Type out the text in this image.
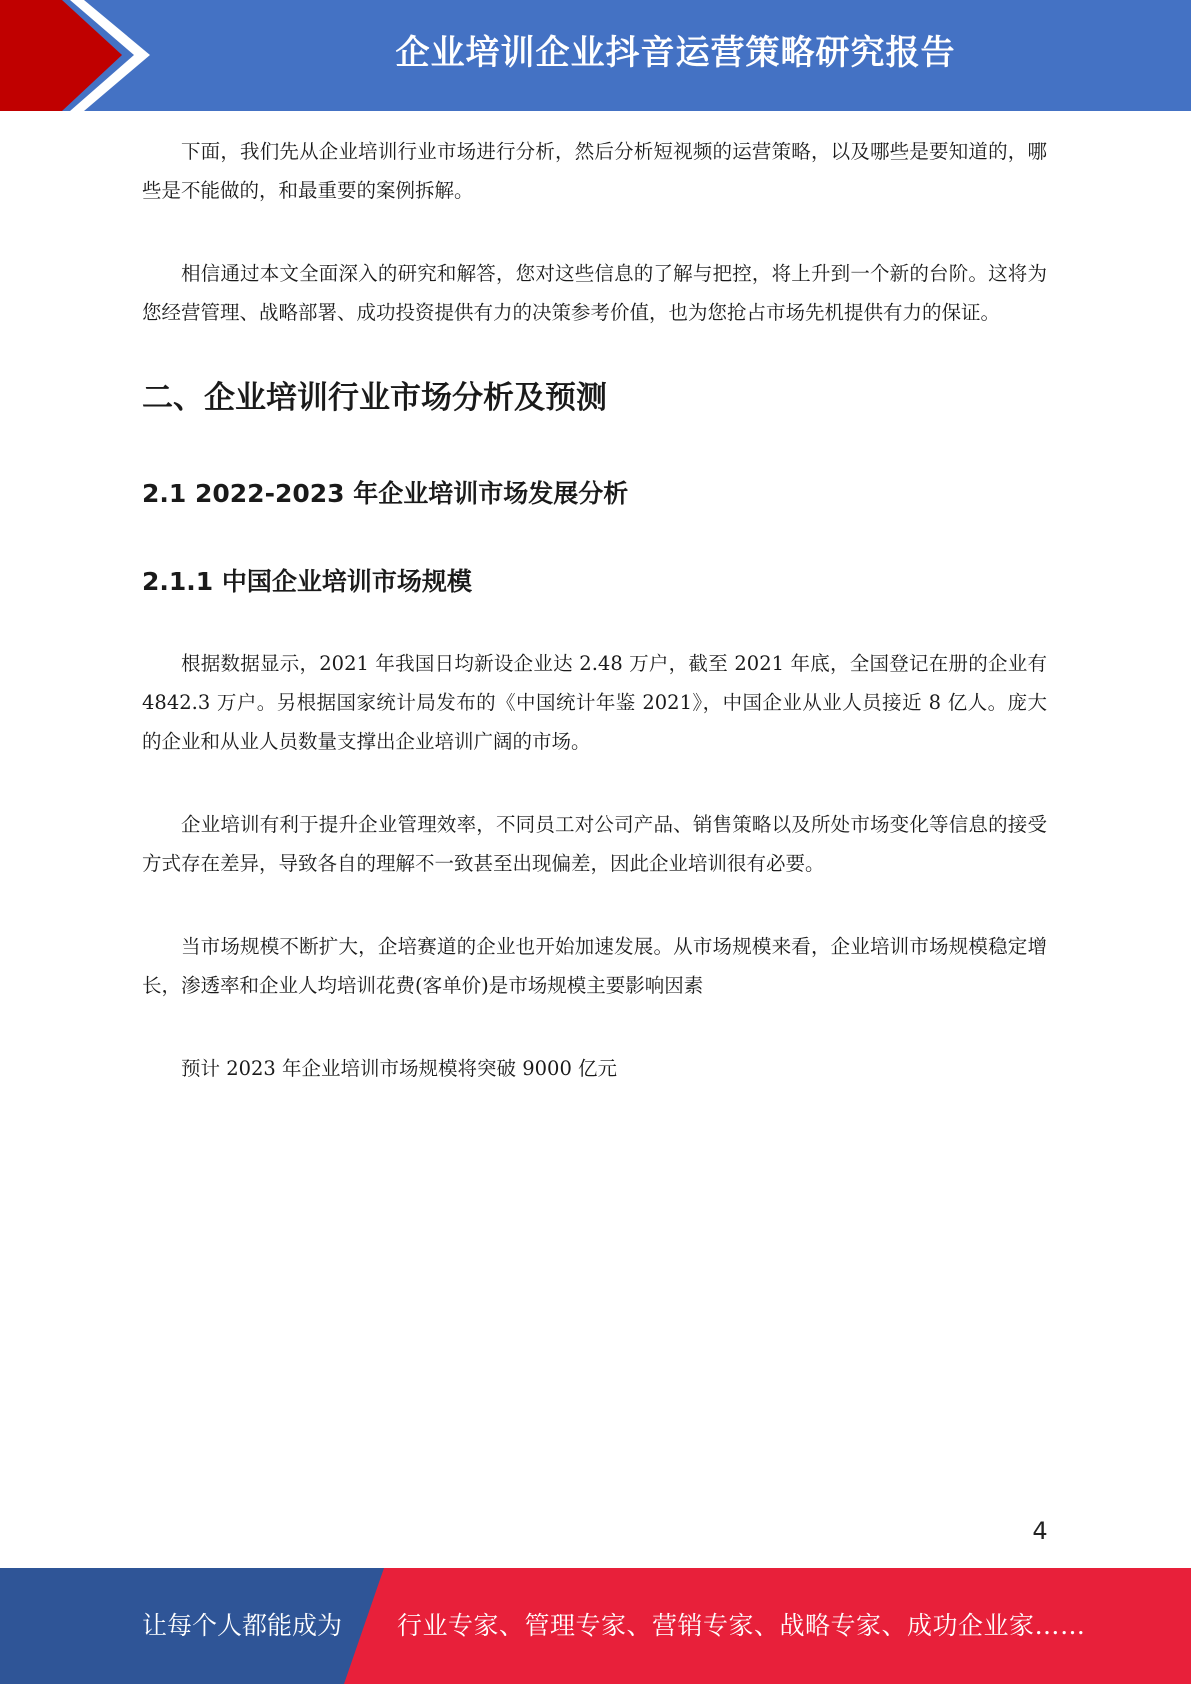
企业培训企业抖音运营策略研究报告

下面，我们先从企业培训行业市场进行分析，然后分析短视频的运营策略，以及哪些是要知道的，哪些是不能做的，和最重要的案例拆解。

相信通过本文全面深入的研究和解答，您对这些信息的了解与把控，将上升到一个新的台阶。这将为您经营管理、战略部署、成功投资提供有力的决策参考价值，也为您抢占市场先机提供有力的保证。

二、企业培训行业市场分析及预测
2.1 2022-2023 年企业培训市场发展分析
2.1.1 中国企业培训市场规模

根据数据显示，2021 年我国日均新设企业达 2.48 万户，截至 2021 年底，全国登记在册的企业有 4842.3 万户。另根据国家统计局发布的《中国统计年鉴 2021》，中国企业从业人员接近 8 亿人。庞大的企业和从业人员数量支撑出企业培训广阔的市场。

企业培训有利于提升企业管理效率，不同员工对公司产品、销售策略以及所处市场变化等信息的接受方式存在差异，导致各自的理解不一致甚至出现偏差，因此企业培训很有必要。

当市场规模不断扩大，企培赛道的企业也开始加速发展。从市场规模来看，企业培训市场规模稳定增长，渗透率和企业人均培训花费(客单价)是市场规模主要影响因素

预计 2023 年企业培训市场规模将突破 9000 亿元

4
让每个人都能成为 行业专家、管理专家、营销专家、战略专家、成功企业家……
